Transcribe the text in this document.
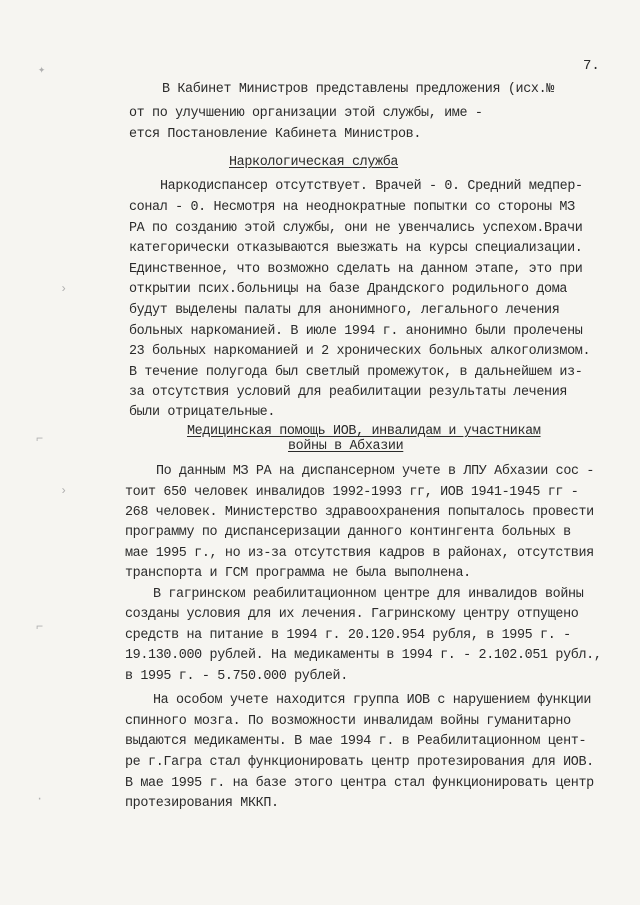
7.
В Кабинет Министров представлены предложения (исх.№
от по улучшению организации этой службы, име -
ется Постановление Кабинета Министров.
Наркологическая служба
Наркодиспансер отсутствует. Врачей - 0. Средний медпер-
сонал - 0. Несмотря на неоднократные попытки со стороны МЗ
РА по созданию этой службы, они не увенчались успехом.Врачи
категорически отказываются выезжать на курсы специализации.
Единственное, что возможно сделать на данном этапе, это при
открытии псих.больницы на базе Драндского родильного дома
будут выделены палаты для анонимного, легального лечения
больных наркоманией. В июле 1994 г. анонимно были пролечены
23 больных наркоманией и 2 хронических больных алкоголизмом.
В течение полугода был светлый промежуток, в дальнейшем из-
за отсутствия условий для реабилитации результаты лечения
были отрицательные.
Медицинская помощь ИОВ, инвалидам и участникам
войны в Абхазии
По данным МЗ РА на диспансерном учете в ЛПУ Абхазии сос -
тоит 650 человек инвалидов 1992-1993 гг, ИОВ 1941-1945 гг -
268 человек. Министерство здравоохранения попыталось провести
программу по диспансеризации данного контингента больных в
мае 1995 г., но из-за отсутствия кадров в районах, отсутствия
транспорта и ГСМ программа не была выполнена.
В гагринском реабилитационном центре для инвалидов войны
созданы условия для их лечения. Гагринскому центру отпущено
средств на питание в 1994 г. 20.120.954 рубля, в 1995 г. -
19.130.000 рублей. На медикаменты в 1994 г. - 2.102.051 рубл.,
в 1995 г. - 5.750.000 рублей.
На особом учете находится группа ИОВ с нарушением функции
спинного мозга. По возможности инвалидам войны гуманитарно
выдаются медикаменты. В мае 1994 г. в Реабилитационном цент-
ре г.Гагра стал функционировать центр протезирования для ИОВ.
В мае 1995 г. на базе этого центра стал функционировать центр
протезирования МККП.
✦
›
⌐
›
⌐
·
